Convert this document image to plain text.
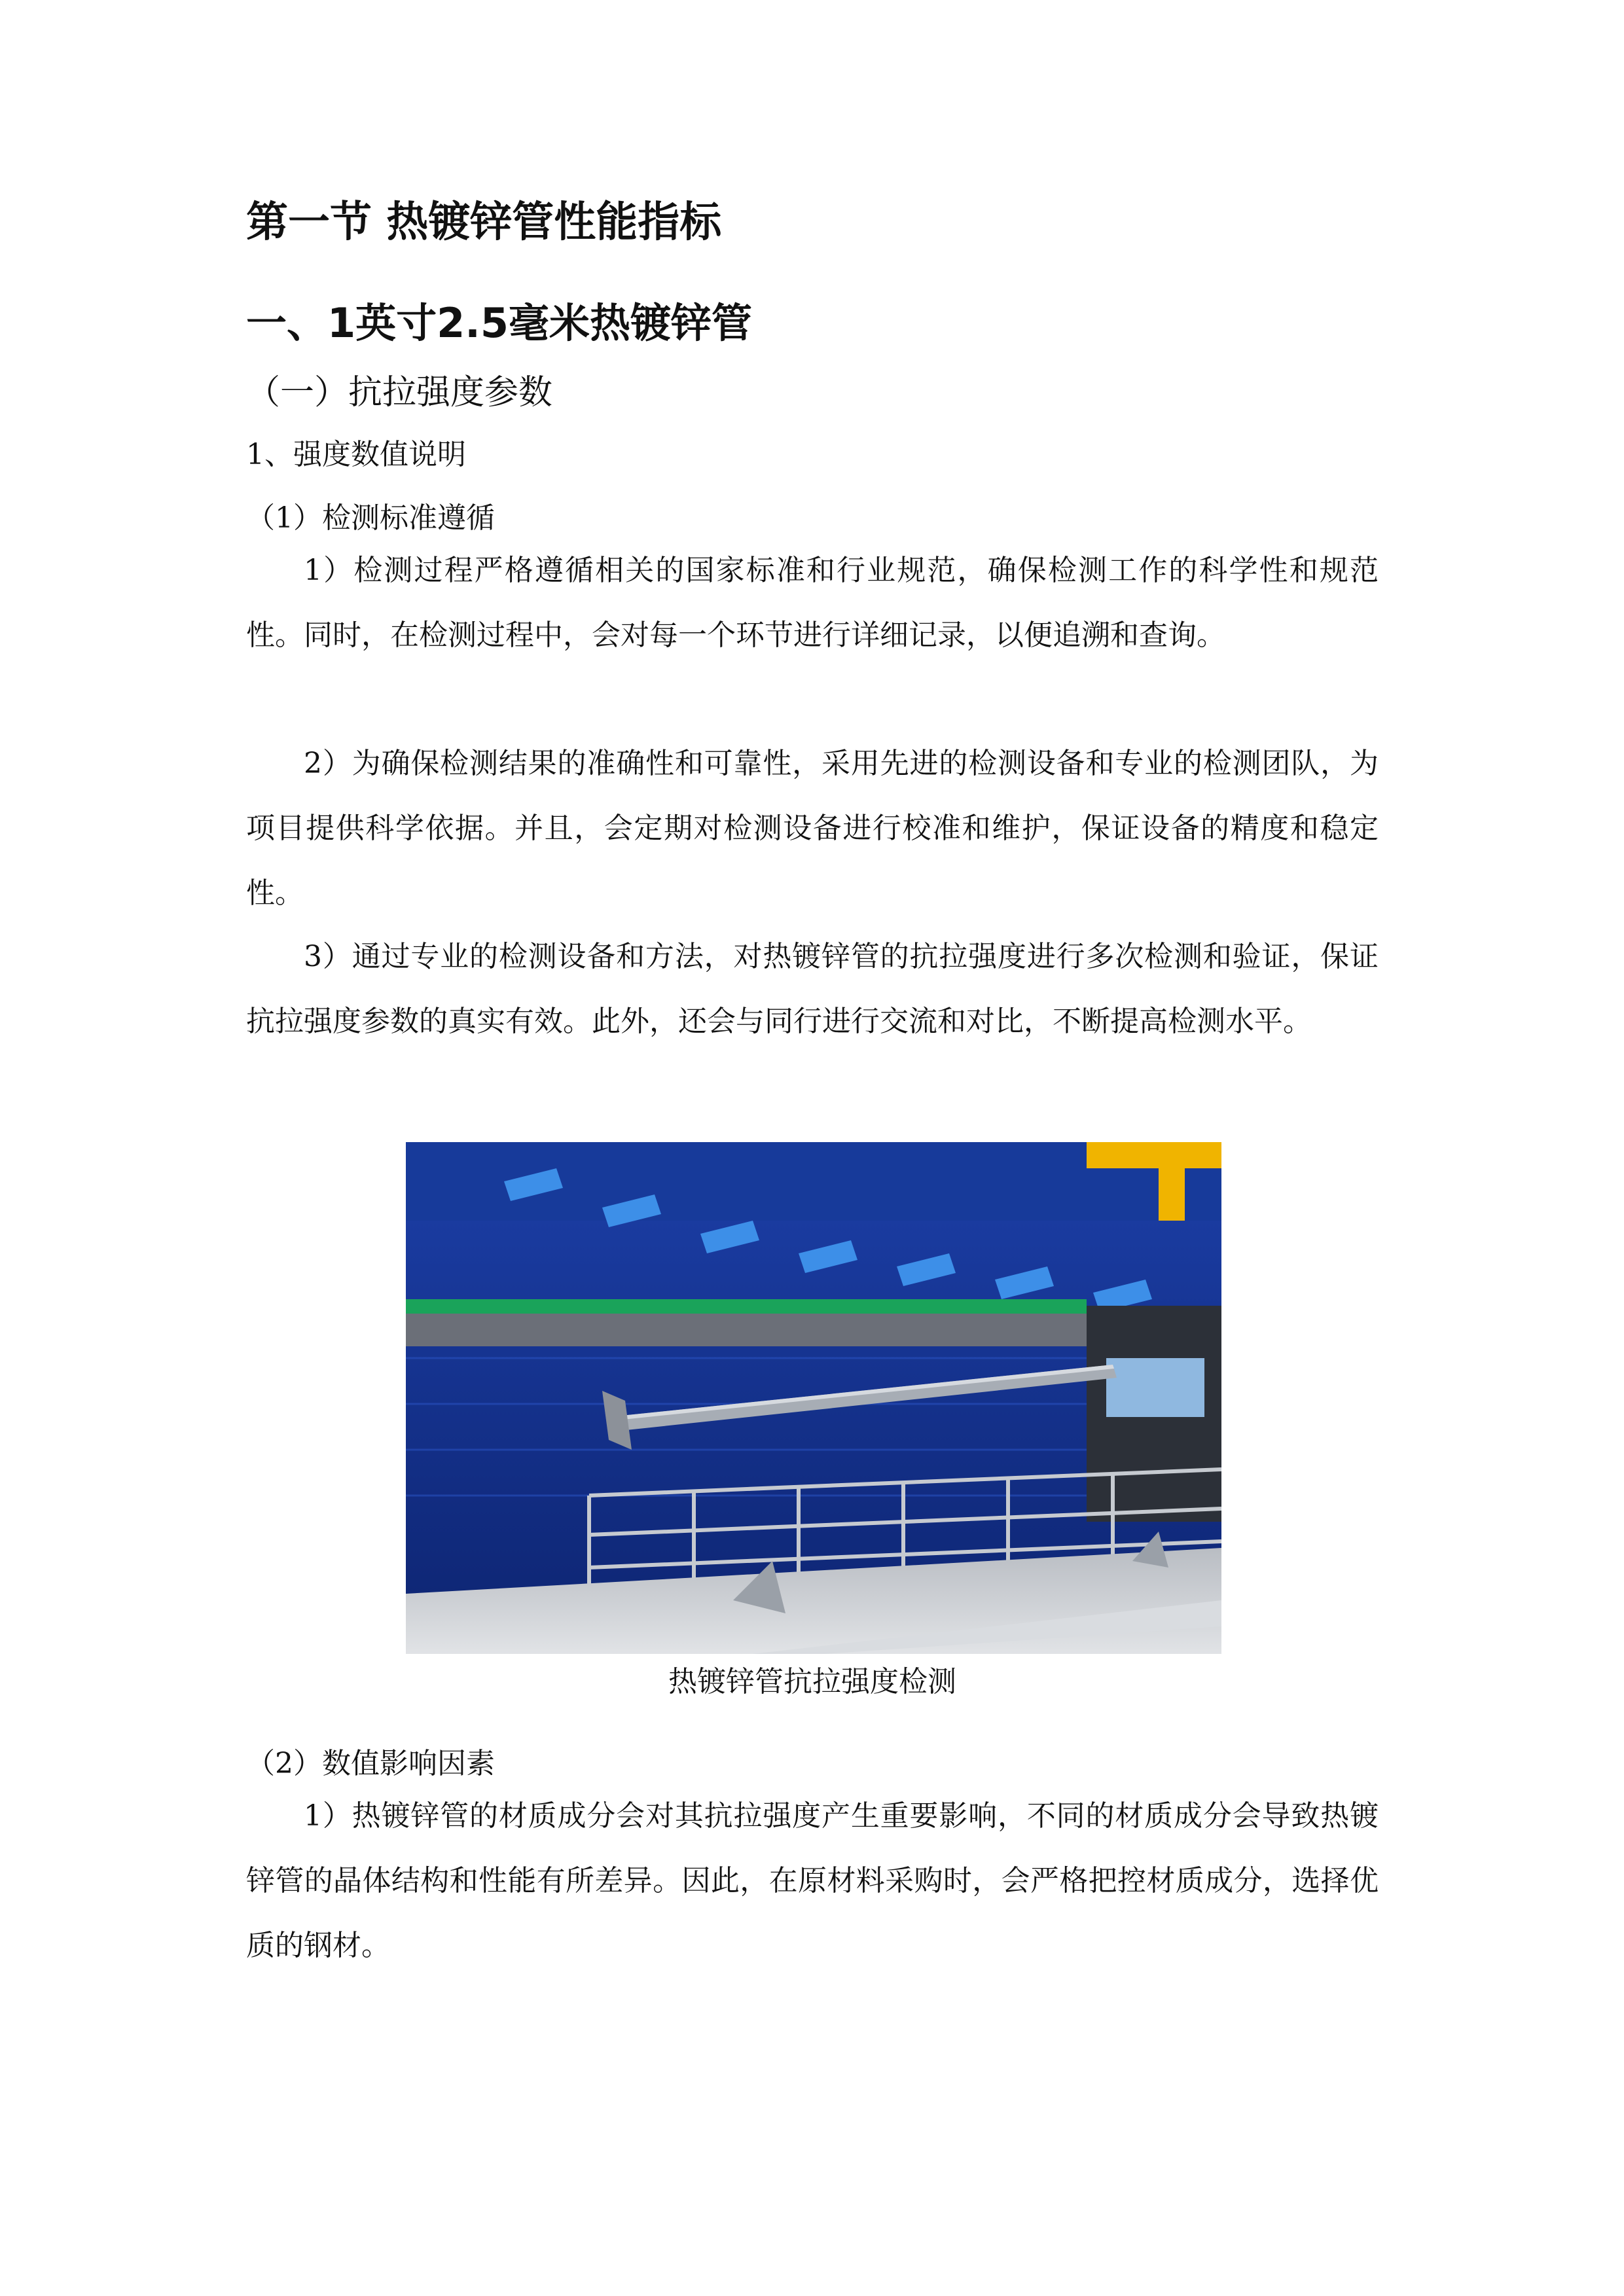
第一节 热镀锌管性能指标
一、1英寸2.5毫米热镀锌管
（一）抗拉强度参数
1、强度数值说明
（1）检测标准遵循
1）检测过程严格遵循相关的国家标准和行业规范，确保检测工作的科学性和规范性。同时，在检测过程中，会对每一个环节进行详细记录，以便追溯和查询。
2）为确保检测结果的准确性和可靠性，采用先进的检测设备和专业的检测团队，为项目提供科学依据。并且，会定期对检测设备进行校准和维护，保证设备的精度和稳定性。
3）通过专业的检测设备和方法，对热镀锌管的抗拉强度进行多次检测和验证，保证抗拉强度参数的真实有效。此外，还会与同行进行交流和对比，不断提高检测水平。
热镀锌管抗拉强度检测
（2）数值影响因素
1）热镀锌管的材质成分会对其抗拉强度产生重要影响，不同的材质成分会导致热镀锌管的晶体结构和性能有所差异。因此，在原材料采购时，会严格把控材质成分，选择优质的钢材。
